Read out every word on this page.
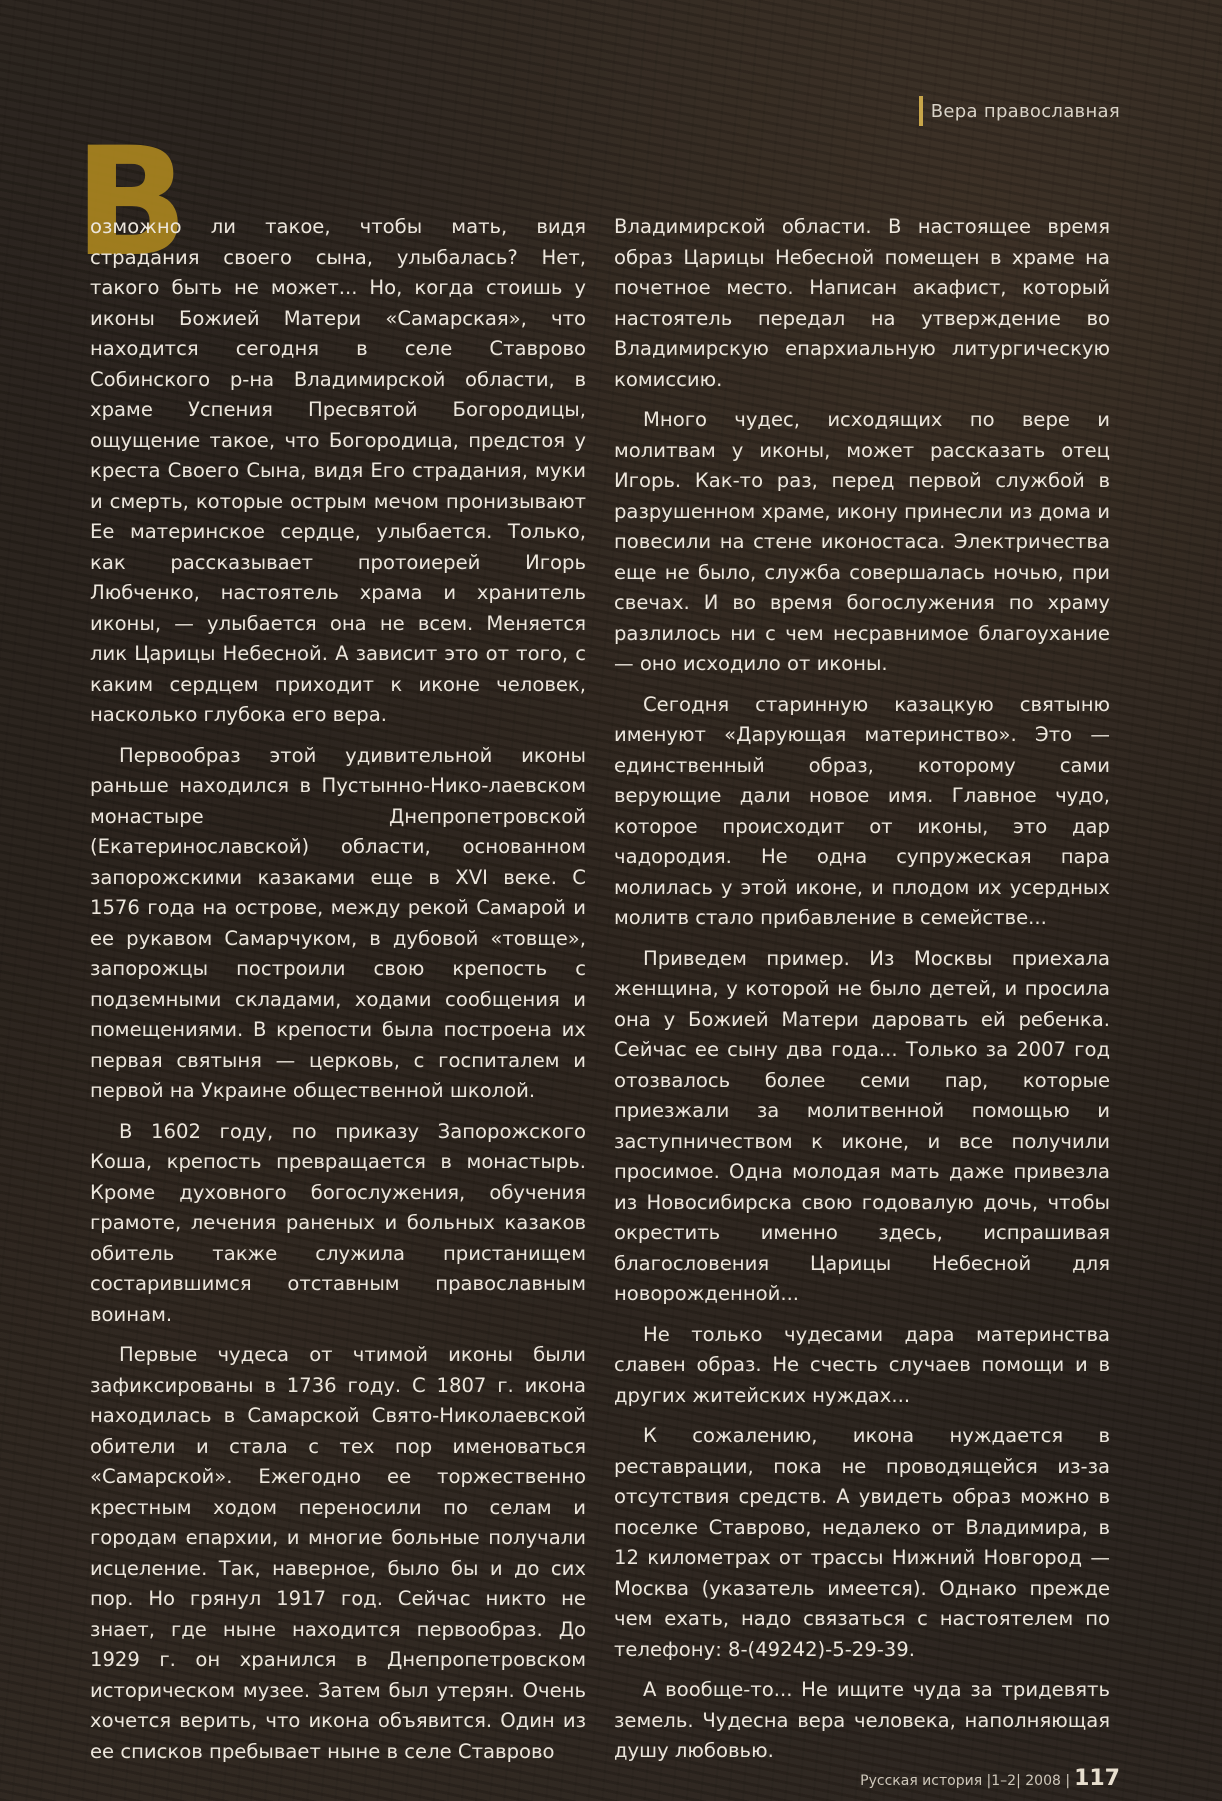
Вера православная
В

озможно ли такое, чтобы мать, видя страдания своего сына, улыбалась? Нет, такого быть не может... Но, когда стоишь у иконы Божией Матери «Самарская», что находится сегодня в селе Ставрово Собинского р-на Владимирской области, в храме Успения Пресвятой Богородицы, ощущение такое, что Богородица, предстоя у креста Своего Сына, видя Его страдания, муки и смерть, которые острым мечом пронизывают Ее материнское сердце, улыбается. Только, как рассказывает протоиерей Игорь Любченко, настоятель храма и хранитель иконы, — улыбается она не всем. Меняется лик Царицы Небесной. А зависит это от того, с каким сердцем приходит к иконе человек, насколько глубока его вера.

Первообраз этой удивительной иконы раньше находился в Пустынно-Нико-лаевском монастыре Днепропетровской (Екатеринославской) области, основанном запорожскими казаками еще в XVI веке. С 1576 года на острове, между рекой Самарой и ее рукавом Самарчуком, в дубовой «товще», запорожцы построили свою крепость с подземными складами, ходами сообщения и помещениями. В крепости была построена их первая святыня — церковь, с госпиталем и первой на Украине общественной школой.

В 1602 году, по приказу Запорожского Коша, крепость превращается в монастырь. Кроме духовного богослужения, обучения грамоте, лечения раненых и больных казаков обитель также служила пристанищем состарившимся отставным православным воинам.

Первые чудеса от чтимой иконы были зафиксированы в 1736 году. С 1807 г. икона находилась в Самарской Свято-Николаевской обители и стала с тех пор именоваться «Самарской». Ежегодно ее торжественно крестным ходом переносили по селам и городам епархии, и многие больные получали исцеление. Так, наверное, было бы и до сих пор. Но грянул 1917 год. Сейчас никто не знает, где ныне находится первообраз. До 1929 г. он хранился в Днепропетровском историческом музее. Затем был утерян. Очень хочется верить, что икона объявится. Один из ее списков пребывает ныне в селе Ставрово

Владимирской области. В настоящее время образ Царицы Небесной помещен в храме на почетное место. Написан акафист, который настоятель передал на утверждение во Владимирскую епархиальную литургическую комиссию.

Много чудес, исходящих по вере и молитвам у иконы, может рассказать отец Игорь. Как-то раз, перед первой службой в разрушенном храме, икону принесли из дома и повесили на стене иконостаса. Электричества еще не было, служба совершалась ночью, при свечах. И во время богослужения по храму разлилось ни с чем несравнимое благоухание — оно исходило от иконы.

Сегодня старинную казацкую святыню именуют «Дарующая материнство». Это — единственный образ, которому сами верующие дали новое имя. Главное чудо, которое происходит от иконы, это дар чадородия. Не одна супружеская пара молилась у этой иконе, и плодом их усердных молитв стало прибавление в семействе...

Приведем пример. Из Москвы приехала женщина, у которой не было детей, и просила она у Божией Матери даровать ей ребенка. Сейчас ее сыну два года... Только за 2007 год отозвалось более семи пар, которые приезжали за молитвенной помощью и заступничеством к иконе, и все получили просимое. Одна молодая мать даже привезла из Новосибирска свою годовалую дочь, чтобы окрестить именно здесь, испрашивая благословения Царицы Небесной для новорожденной...

Не только чудесами дара материнства славен образ. Не счесть случаев помощи и в других житейских нуждах...

К сожалению, икона нуждается в реставрации, пока не проводящейся из-за отсутствия средств. А увидеть образ можно в поселке Ставрово, недалеко от Владимира, в 12 километрах от трассы Нижний Новгород — Москва (указатель имеется). Однако прежде чем ехать, надо связаться с настоятелем по телефону: 8-(49242)-5-29-39.

А вообще-то... Не ищите чуда за тридевять земель. Чудесна вера человека, наполняющая душу любовью.

Русская история |1–2| 2008 | 117
